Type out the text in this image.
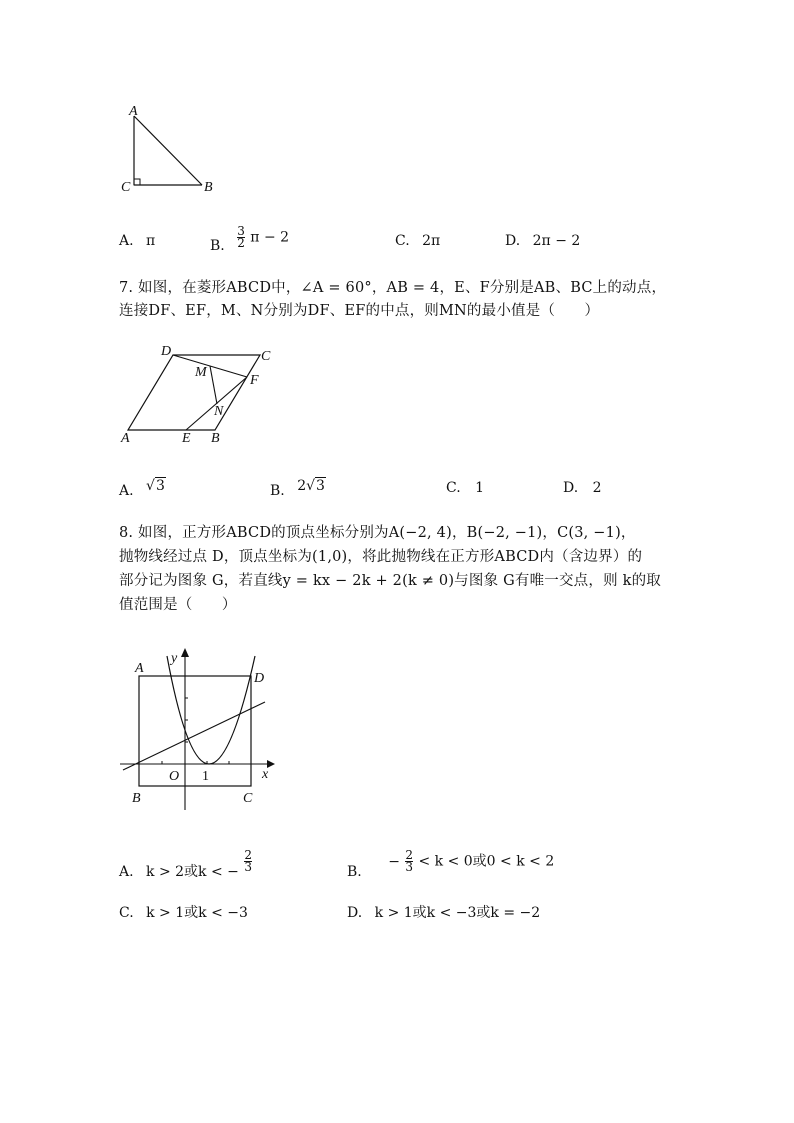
A
C	B
A. π	B. $\frac{3}{2}$ π − 2	C. 2π	D. 2π − 2
7. 如图，在菱形ABCD中，∠A = 60°，AB = 4，E、F分别是AB、BC上的动点，
连接DF、EF，M、N分别为DF、EF的中点，则MN的最小值是（　　）
D	C
M
F
N
A	E B
A. √3	B. 2√3	C. 1	D. 2
8. 如图，正方形ABCD的顶点坐标分别为A(−2, 4)，B(−2, −1)，C(3, −1)，
抛物线经过点 D，顶点坐标为(1,0)，将此抛物线在正方形ABCD内（含边界）的
部分记为图象 G，若直线y = kx − 2k + 2(k ≠ 0)与图象 G有唯一交点，则 k的取
值范围是（　　）
A
y
D
O 1	x
B	C
A. k > 2或k < − $\frac{2}{3}$	B. − $\frac{2}{3} < k < 0$或0 < k < 2
C. k > 1或k < −3	D. k > 1或k < −3或k = −2
